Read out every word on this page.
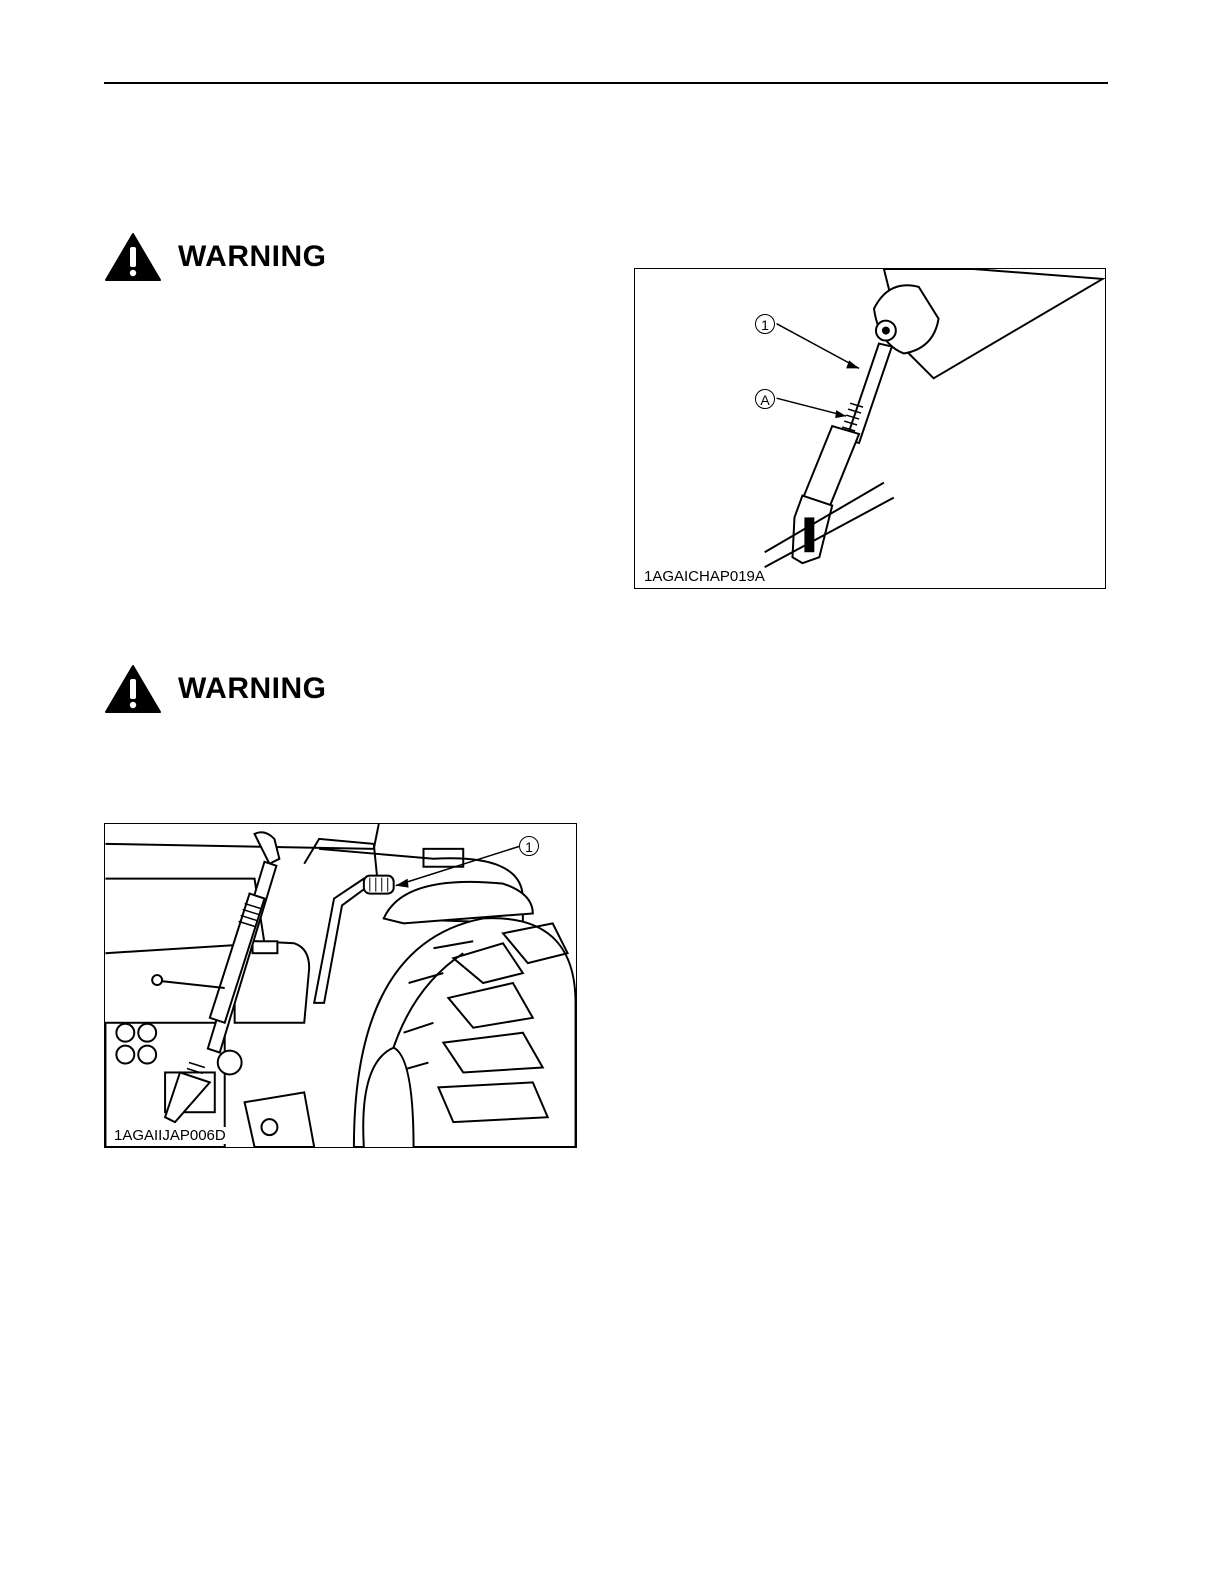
WARNING
WARNING
1
A
1AGAICHAP019A
1
1AGAIIJAP006D
